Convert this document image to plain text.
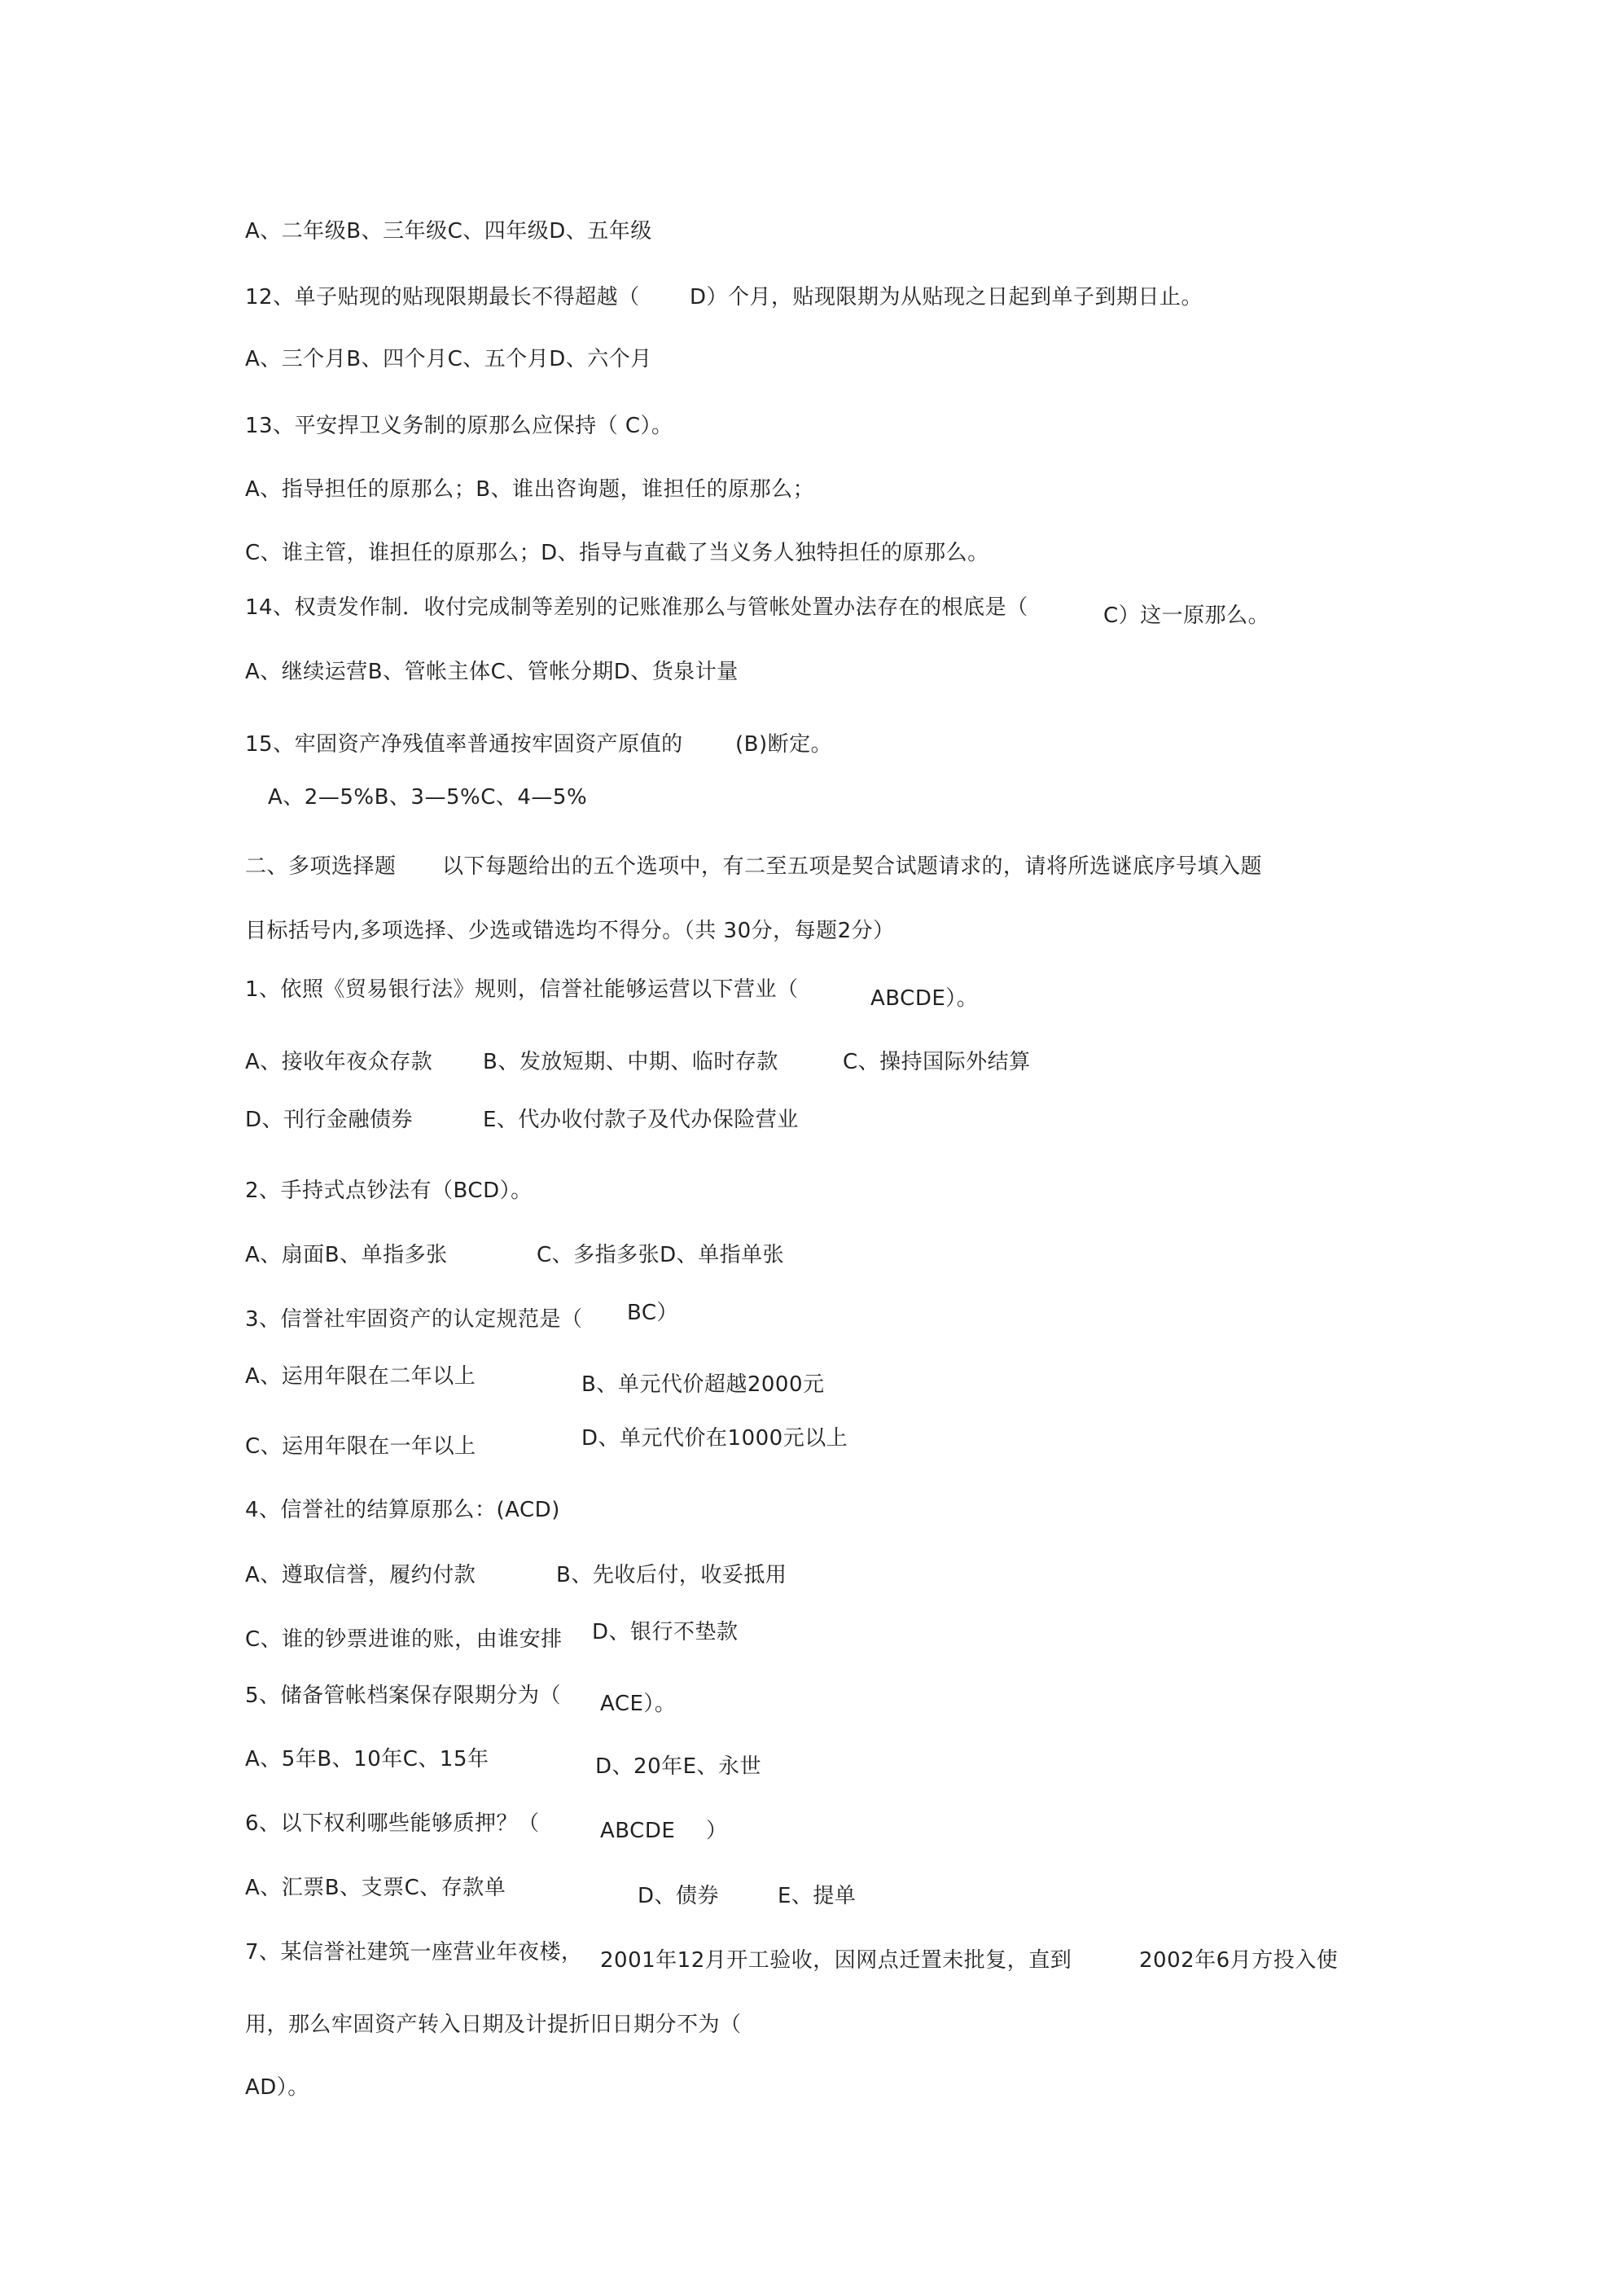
A、二年级B、三年级C、四年级D、五年级
12、单子贴现的贴现限期最长不得超越（ D）个月，贴现限期为从贴现之日起到单子到期日止。
A、三个月B、四个月C、五个月D、六个月
13、平安捍卫义务制的原那么应保持（ C）。
A、指导担任的原那么；B、谁出咨询题，谁担任的原那么；
C、谁主管，谁担任的原那么；D、指导与直截了当义务人独特担任的原那么。
14、权责发作制．收付完成制等差别的记账准那么与管帐处置办法存在的根底是（	C）这一原那么。
A、继续运营B、管帐主体C、管帐分期D、货泉计量
15、牢固资产净残值率普通按牢固资产原值的 (B)断定。
A、2—5%B、3—5%C、4—5%
二、多项选择题 以下每题给出的五个选项中，有二至五项是契合试题请求的，请将所选谜底序号填入题
目标括号内,多项选择、少选或错选均不得分。（共 30分，每题2分）
1、依照《贸易银行法》规则，信誉社能够运营以下营业（	ABCDE）。
A、接收年夜众存款 B、发放短期、中期、临时存款	C、操持国际外结算
D、刊行金融债券	E、代办收付款子及代办保险营业
2、手持式点钞法有（BCD）。
A、扇面B、单指多张	C、多指多张D、单指单张
3、信誉社牢固资产的认定规范是（ BC）
A、运用年限在二年以上	B、单元代价超越2000元
C、运用年限在一年以上	D、单元代价在1000元以上
4、信誉社的结算原那么：(ACD)
A、遵取信誉，履约付款	B、先收后付，收妥抵用
C、谁的钞票进谁的账，由谁安排 D、银行不垫款
5、储备管帐档案保存限期分为（ ACE）。
A、5年B、10年C、15年	D、20年E、永世
6、以下权利哪些能够质押？（	ABCDE ）
A、汇票B、支票C、存款单	D、债券	E、提单
7、某信誉社建筑一座营业年夜楼， 2001年12月开工验收，因网点迁置未批复，直到	2002年6月方投入使
用，那么牢固资产转入日期及计提折旧日期分不为（
AD）。
